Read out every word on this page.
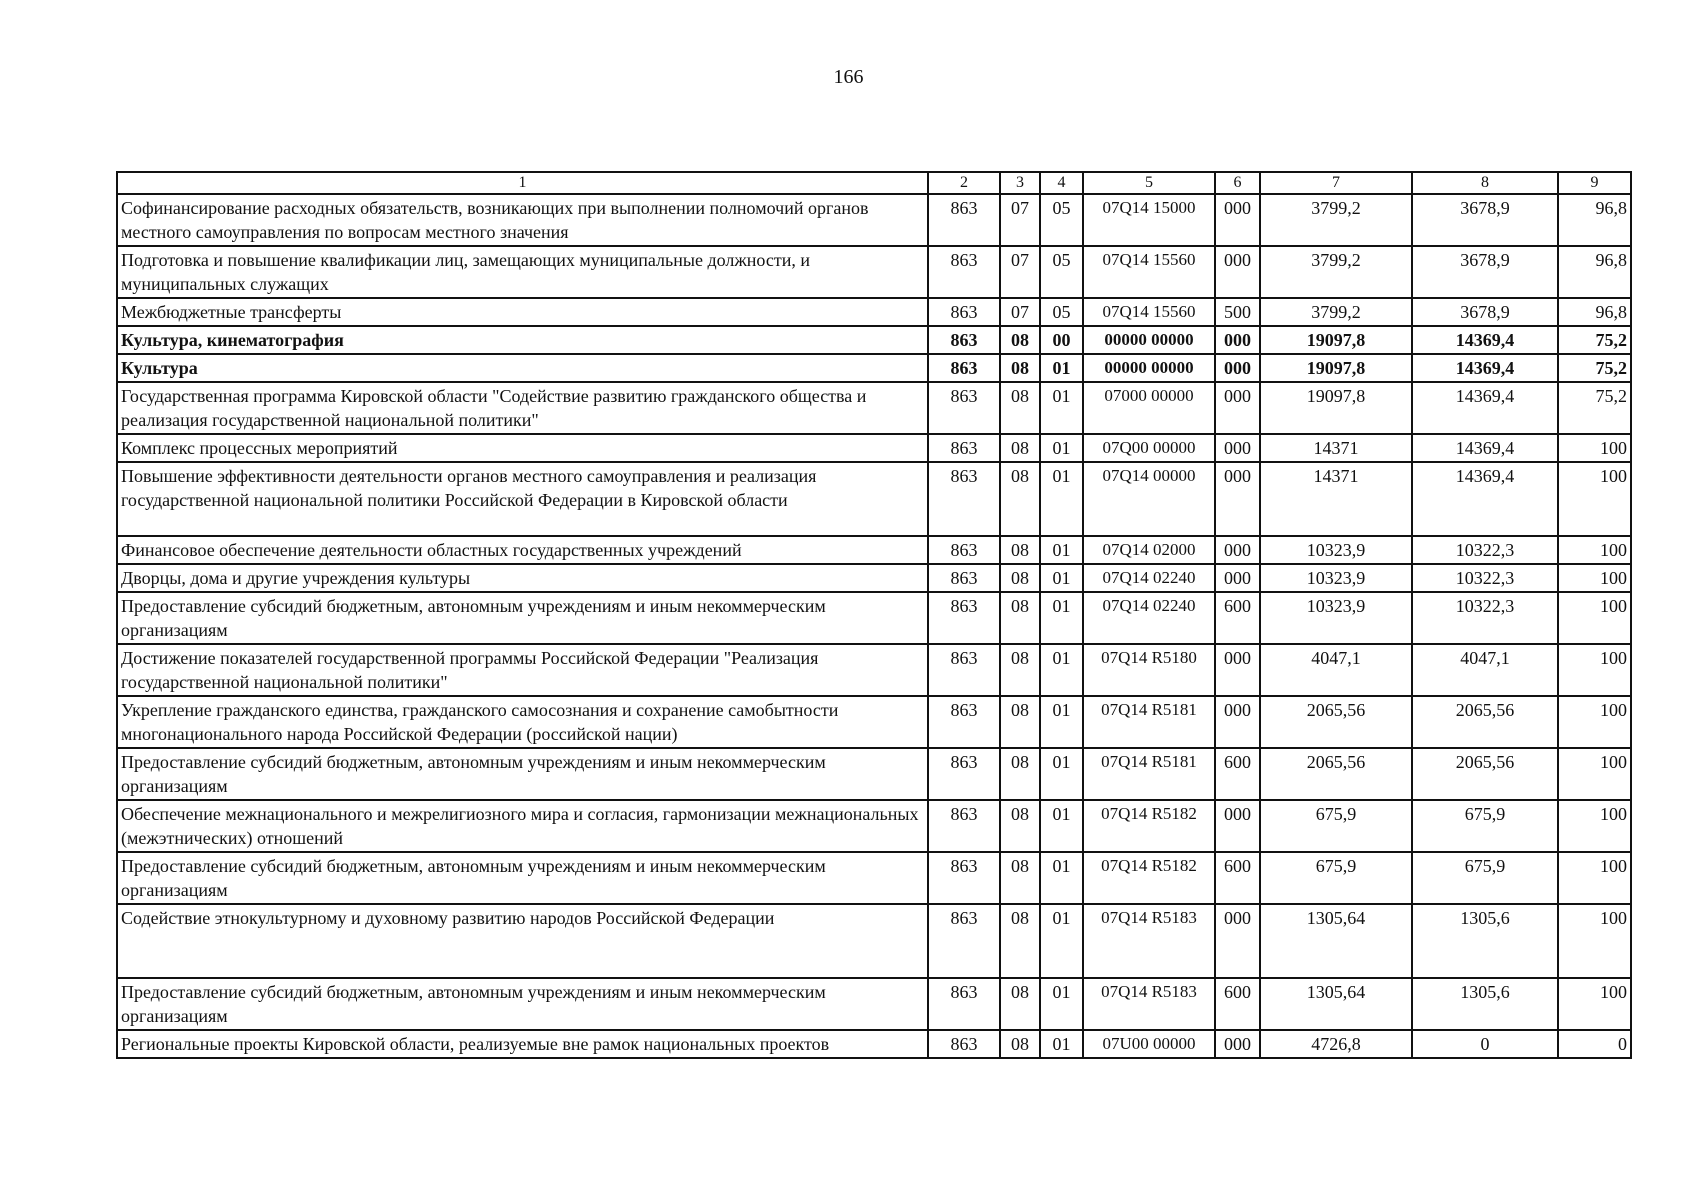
166
1	2	3	4	5	6	7	8	9
Софинансирование расходных обязательств, возникающих при выполнении полномочий органов местного самоуправления по вопросам местного значения	863	07	05	07Q14 15000	000	3799,2	3678,9	96,8
Подготовка и повышение квалификации лиц, замещающих муниципальные должности, и муниципальных служащих	863	07	05	07Q14 15560	000	3799,2	3678,9	96,8
Межбюджетные трансферты	863	07	05	07Q14 15560	500	3799,2	3678,9	96,8
Культура, кинематография	863	08	00	00000 00000	000	19097,8	14369,4	75,2
Культура	863	08	01	00000 00000	000	19097,8	14369,4	75,2
Государственная программа Кировской области "Содействие развитию гражданского общества и реализация государственной национальной политики"	863	08	01	07000 00000	000	19097,8	14369,4	75,2
Комплекс процессных мероприятий	863	08	01	07Q00 00000	000	14371	14369,4	100
Повышение эффективности деятельности органов местного самоуправления и реализация государственной национальной политики Российской Федерации в Кировской области	863	08	01	07Q14 00000	000	14371	14369,4	100
Финансовое обеспечение деятельности областных государственных учреждений	863	08	01	07Q14 02000	000	10323,9	10322,3	100
Дворцы, дома и другие учреждения культуры	863	08	01	07Q14 02240	000	10323,9	10322,3	100
Предоставление субсидий бюджетным, автономным учреждениям и иным некоммерческим организациям	863	08	01	07Q14 02240	600	10323,9	10322,3	100
Достижение показателей государственной программы Российской Федерации "Реализация государственной национальной политики"	863	08	01	07Q14 R5180	000	4047,1	4047,1	100
Укрепление гражданского единства, гражданского самосознания и сохранение самобытности многонационального народа Российской Федерации (российской нации)	863	08	01	07Q14 R5181	000	2065,56	2065,56	100
Предоставление субсидий бюджетным, автономным учреждениям и иным некоммерческим организациям	863	08	01	07Q14 R5181	600	2065,56	2065,56	100
Обеспечение межнационального и межрелигиозного мира и согласия, гармонизации межнациональных (межэтнических) отношений	863	08	01	07Q14 R5182	000	675,9	675,9	100
Предоставление субсидий бюджетным, автономным учреждениям и иным некоммерческим организациям	863	08	01	07Q14 R5182	600	675,9	675,9	100
Содействие этнокультурному и духовному развитию народов Российской Федерации	863	08	01	07Q14 R5183	000	1305,64	1305,6	100
Предоставление субсидий бюджетным, автономным учреждениям и иным некоммерческим организациям	863	08	01	07Q14 R5183	600	1305,64	1305,6	100
Региональные проекты Кировской области, реализуемые вне рамок национальных проектов	863	08	01	07U00 00000	000	4726,8	0	0
